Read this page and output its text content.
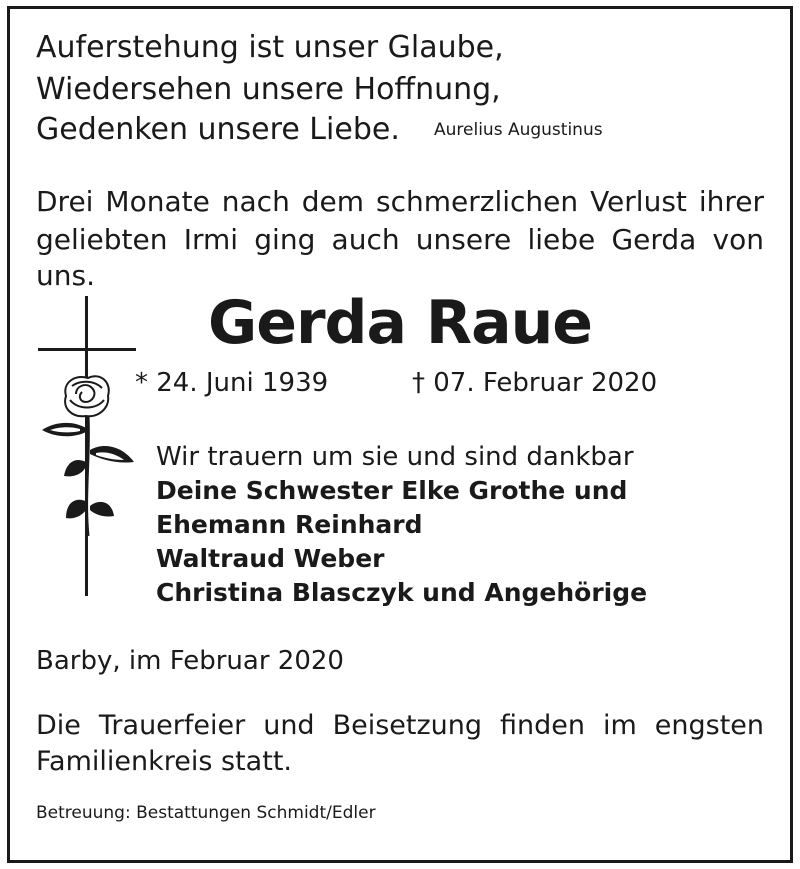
Auferstehung ist unser Glaube,
Wiedersehen unsere Hoffnung,
Gedenken unsere Liebe. Aurelius Augustinus
Drei Monate nach dem schmerzlichen Verlust ihrer
geliebten Irmi ging auch unsere liebe Gerda von uns.
Gerda Raue
* 24. Juni 1939	† 07. Februar 2020
Wir trauern um sie und sind dankbar
Deine Schwester Elke Grothe und
Ehemann Reinhard
Waltraud Weber
Christina Blasczyk und Angehörige
Barby, im Februar 2020
Die Trauerfeier und Beisetzung finden im engsten
Familienkreis statt.
Betreuung: Bestattungen Schmidt/Edler
